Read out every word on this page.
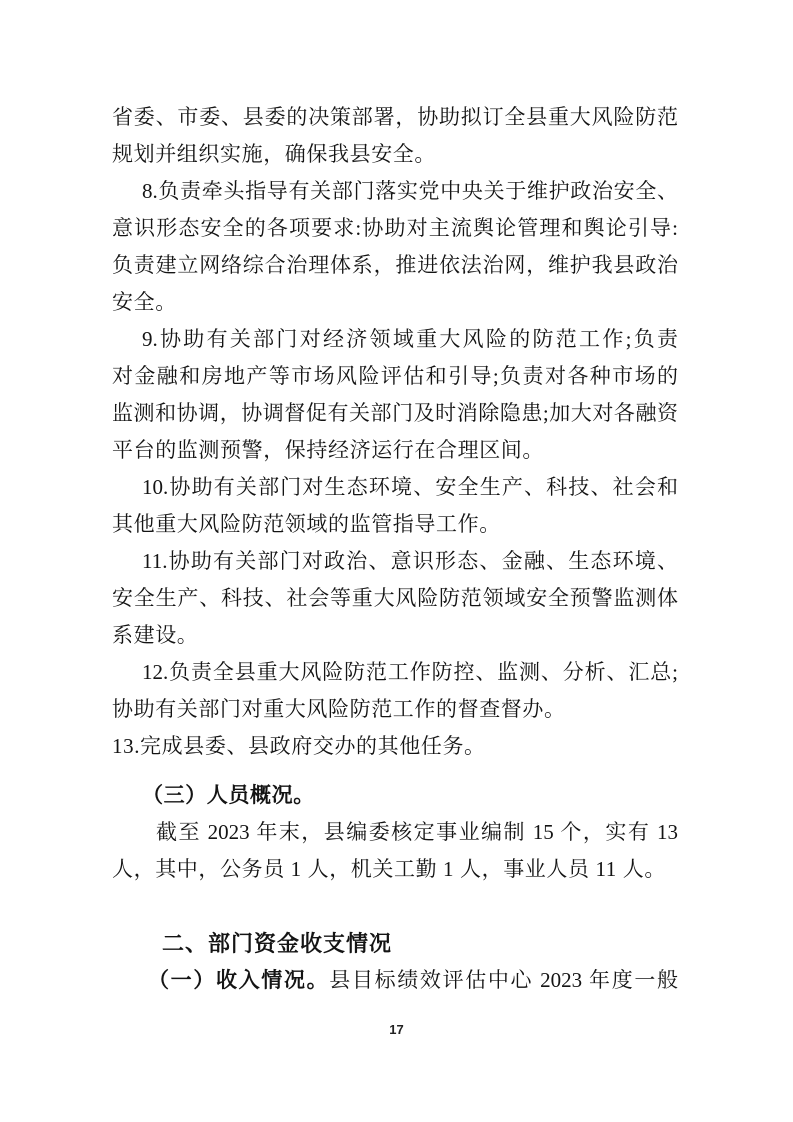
省委、市委、县委的决策部署，协助拟订全县重大风险防范
规划并组织实施，确保我县安全。
8.负责牵头指导有关部门落实党中央关于维护政治安全、
意识形态安全的各项要求:协助对主流舆论管理和舆论引导:
负责建立网络综合治理体系，推进依法治网，维护我县政治
安全。
9.协助有关部门对经济领域重大风险的防范工作;负责
对金融和房地产等市场风险评估和引导;负责对各种市场的
监测和协调，协调督促有关部门及时消除隐患;加大对各融资
平台的监测预警，保持经济运行在合理区间。
10.协助有关部门对生态环境、安全生产、科技、社会和
其他重大风险防范领域的监管指导工作。
11.协助有关部门对政治、意识形态、金融、生态环境、
安全生产、科技、社会等重大风险防范领域安全预警监测体
系建设。
12.负责全县重大风险防范工作防控、监测、分析、汇总;
协助有关部门对重大风险防范工作的督查督办。
13.完成县委、县政府交办的其他任务。
（三）人员概况。
截至 2023 年末，县编委核定事业编制 15 个，实有 13
人，其中，公务员 1 人，机关工勤 1 人，事业人员 11 人。
二、部门资金收支情况
（一）收入情况。县目标绩效评估中心 2023 年度一般
17
